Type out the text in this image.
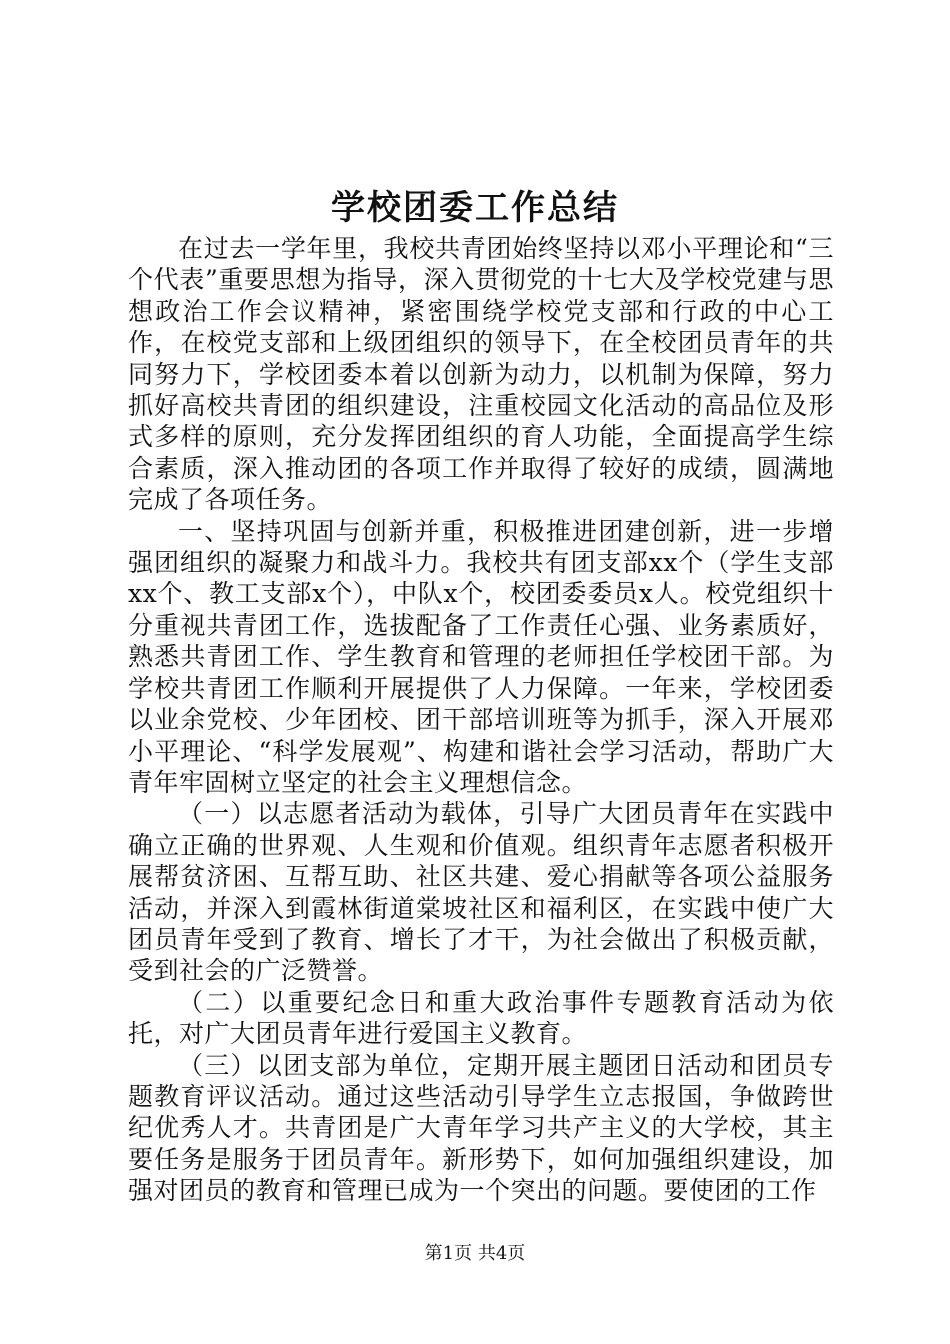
学校团委工作总结

在过去一学年里，我校共青团始终坚持以邓小平理论和“三个代表”重要思想为指导，深入贯彻党的十七大及学校党建与思想政治工作会议精神，紧密围绕学校党支部和行政的中心工作，在校党支部和上级团组织的领导下，在全校团员青年的共同努力下，学校团委本着以创新为动力，以机制为保障，努力抓好高校共青团的组织建设，注重校园文化活动的高品位及形式多样的原则，充分发挥团组织的育人功能，全面提高学生综合素质，深入推动团的各项工作并取得了较好的成绩，圆满地完成了各项任务。

一、坚持巩固与创新并重，积极推进团建创新，进一步增强团组织的凝聚力和战斗力。我校共有团支部xx个（学生支部xx个、教工支部x个），中队x个，校团委委员x人。校党组织十分重视共青团工作，选拔配备了工作责任心强、业务素质好，熟悉共青团工作、学生教育和管理的老师担任学校团干部。为学校共青团工作顺利开展提供了人力保障。一年来，学校团委以业余党校、少年团校、团干部培训班等为抓手，深入开展邓小平理论、“科学发展观”、构建和谐社会学习活动，帮助广大青年牢固树立坚定的社会主义理想信念。

（一）以志愿者活动为载体，引导广大团员青年在实践中确立正确的世界观、人生观和价值观。组织青年志愿者积极开展帮贫济困、互帮互助、社区共建、爱心捐献等各项公益服务活动，并深入到霞林街道棠坡社区和福利区，在实践中使广大团员青年受到了教育、增长了才干，为社会做出了积极贡献，受到社会的广泛赞誉。

（二）以重要纪念日和重大政治事件专题教育活动为依托，对广大团员青年进行爱国主义教育。

（三）以团支部为单位，定期开展主题团日活动和团员专题教育评议活动。通过这些活动引导学生立志报国，争做跨世纪优秀人才。共青团是广大青年学习共产主义的大学校，其主要任务是服务于团员青年。新形势下，如何加强组织建设，加强对团员的教育和管理已成为一个突出的问题。要使团的工作

第1页 共4页
